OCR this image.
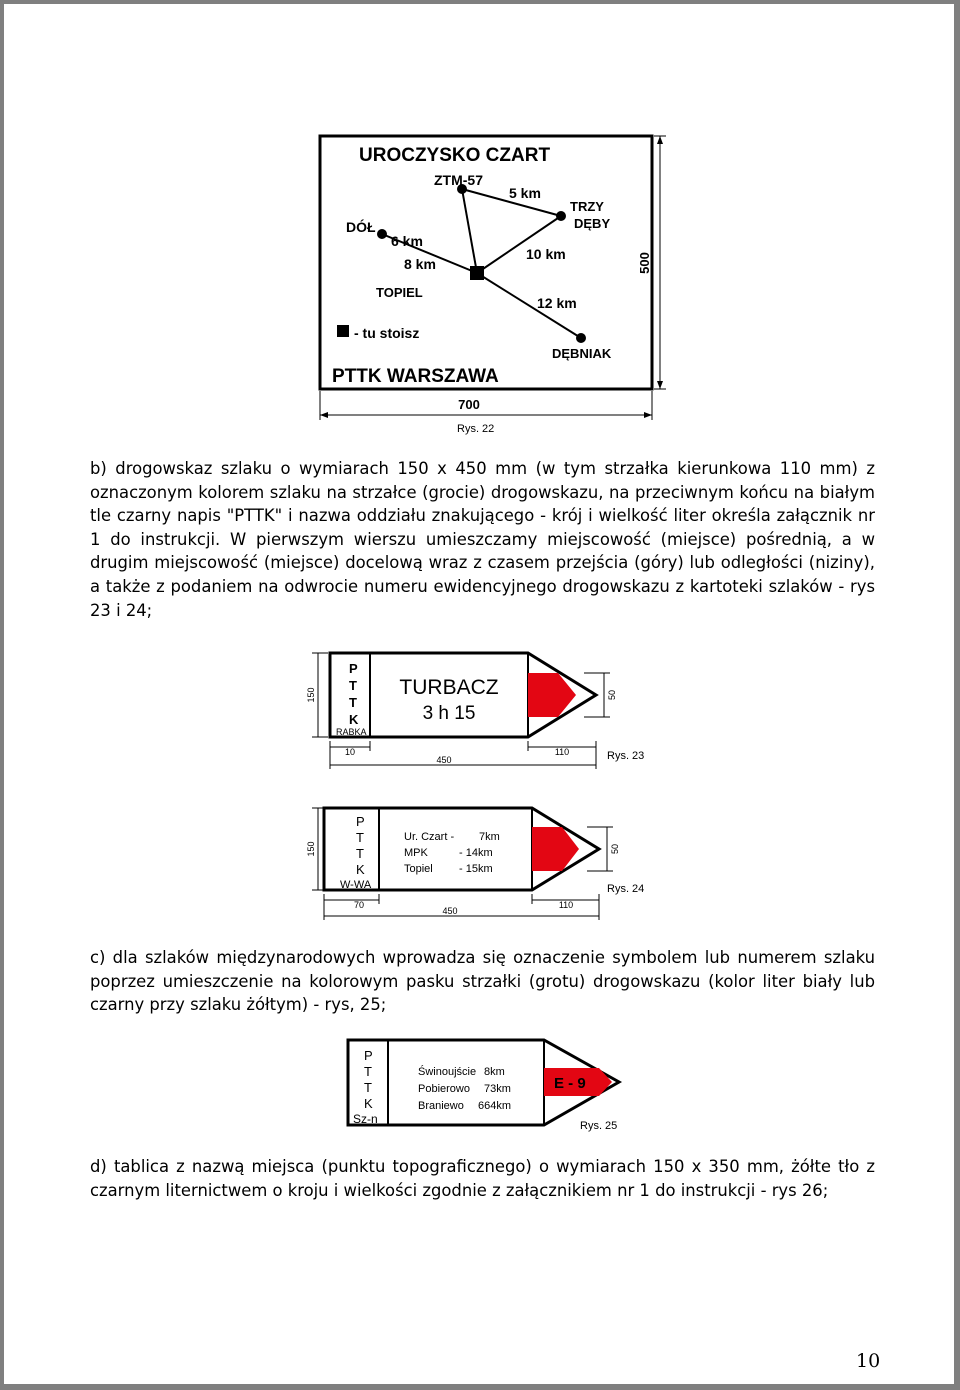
UROCZYSKO CZART
ZTM-57
5 km
TRZY
DĘBY
DÓŁ
6 km
8 km
10 km
TOPIEL
12 km
- tu stoisz
DĘBNIAK
PTTK WARSZAWA
500
700
Rys. 22

b) drogowskaz szlaku o wymiarach 150 x 450 mm (w tym strzałka kierunkowa 110 mm) z oznaczonym kolorem szlaku na strzałce (grocie) drogowskazu, na przeciwnym końcu na białym tle czarny napis "PTTK" i nazwa oddziału znakującego - krój i wielkość liter określa załącznik nr 1 do instrukcji. W pierwszym wierszu umieszczamy miejscowość (miejsce) pośrednią, a w drugim miejscowość (miejsce) docelową wraz z czasem przejścia (góry) lub odległości (niziny), a także z podaniem na odwrocie numeru ewidencyjnego drogowskazu z kartoteki szlaków - rys 23 i 24;

P
T
T
K
RABKA
TURBACZ
3 h 15
150	50
10	110
450	Rys. 23
P
T
T
K
W-WA
Ur. Czart - 7km
MPK	- 14km
Topiel - 15km
150	50
70	110
450
Rys. 24

c) dla szlaków międzynarodowych wprowadza się oznaczenie symbolem lub numerem szlaku poprzez umieszczenie na kolorowym pasku strzałki (grotu) drogowskazu (kolor liter biały lub czarny przy szlaku żółtym) - rys, 25;

P
T
T
K
Sz-n
Świnoujście 8km
Pobierowo 73km
Braniewo 664km
E - 9
Rys. 25

d) tablica z nazwą miejsca (punktu topograficznego) o wymiarach 150 x 350 mm, żółte tło z czarnym liternictwem o kroju i wielkości zgodnie z załącznikiem nr 1 do instrukcji - rys 26;

10
